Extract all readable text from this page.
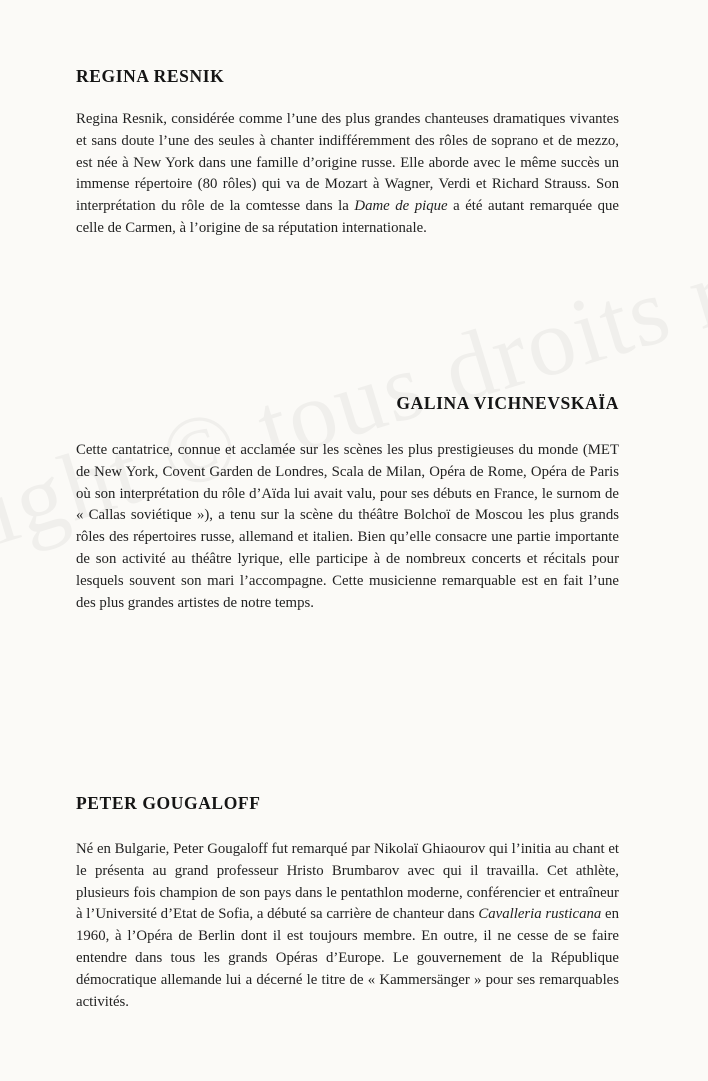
REGINA RESNIK

Regina Resnik, considérée comme l’une des plus grandes chanteuses dramatiques vivantes et sans doute l’une des seules à chanter indifféremment des rôles de soprano et de mezzo, est née à New York dans une famille d’origine russe. Elle aborde avec le même succès un immense répertoire (80 rôles) qui va de Mozart à Wagner, Verdi et Richard Strauss. Son interprétation du rôle de la comtesse dans la Dame de pique a été autant remarquée que celle de Carmen, à l’origine de sa réputation internationale.

GALINA VICHNEVSKAÏA

Cette cantatrice, connue et acclamée sur les scènes les plus prestigieuses du monde (MET de New York, Covent Garden de Londres, Scala de Milan, Opéra de Rome, Opéra de Paris où son interprétation du rôle d’Aïda lui avait valu, pour ses débuts en France, le surnom de « Callas soviétique »), a tenu sur la scène du théâtre Bolchoï de Moscou les plus grands rôles des répertoires russe, allemand et italien. Bien qu’elle consacre une partie importante de son activité au théâtre lyrique, elle participe à de nombreux concerts et récitals pour lesquels souvent son mari l’accompagne. Cette musicienne remarquable est en fait l’une des plus grandes artistes de notre temps.

PETER GOUGALOFF

Né en Bulgarie, Peter Gougaloff fut remarqué par Nikolaï Ghiaourov qui l’initia au chant et le présenta au grand professeur Hristo Brumbarov avec qui il travailla. Cet athlète, plusieurs fois champion de son pays dans le pentathlon moderne, conférencier et entraîneur à l’Université d’Etat de Sofia, a débuté sa carrière de chanteur dans Cavalleria rusticana en 1960, à l’Opéra de Berlin dont il est toujours membre. En outre, il ne cesse de se faire entendre dans tous les grands Opéras d’Europe. Le gouvernement de la République démocratique allemande lui a décerné le titre de « Kammersänger » pour ses remarquables activités.
